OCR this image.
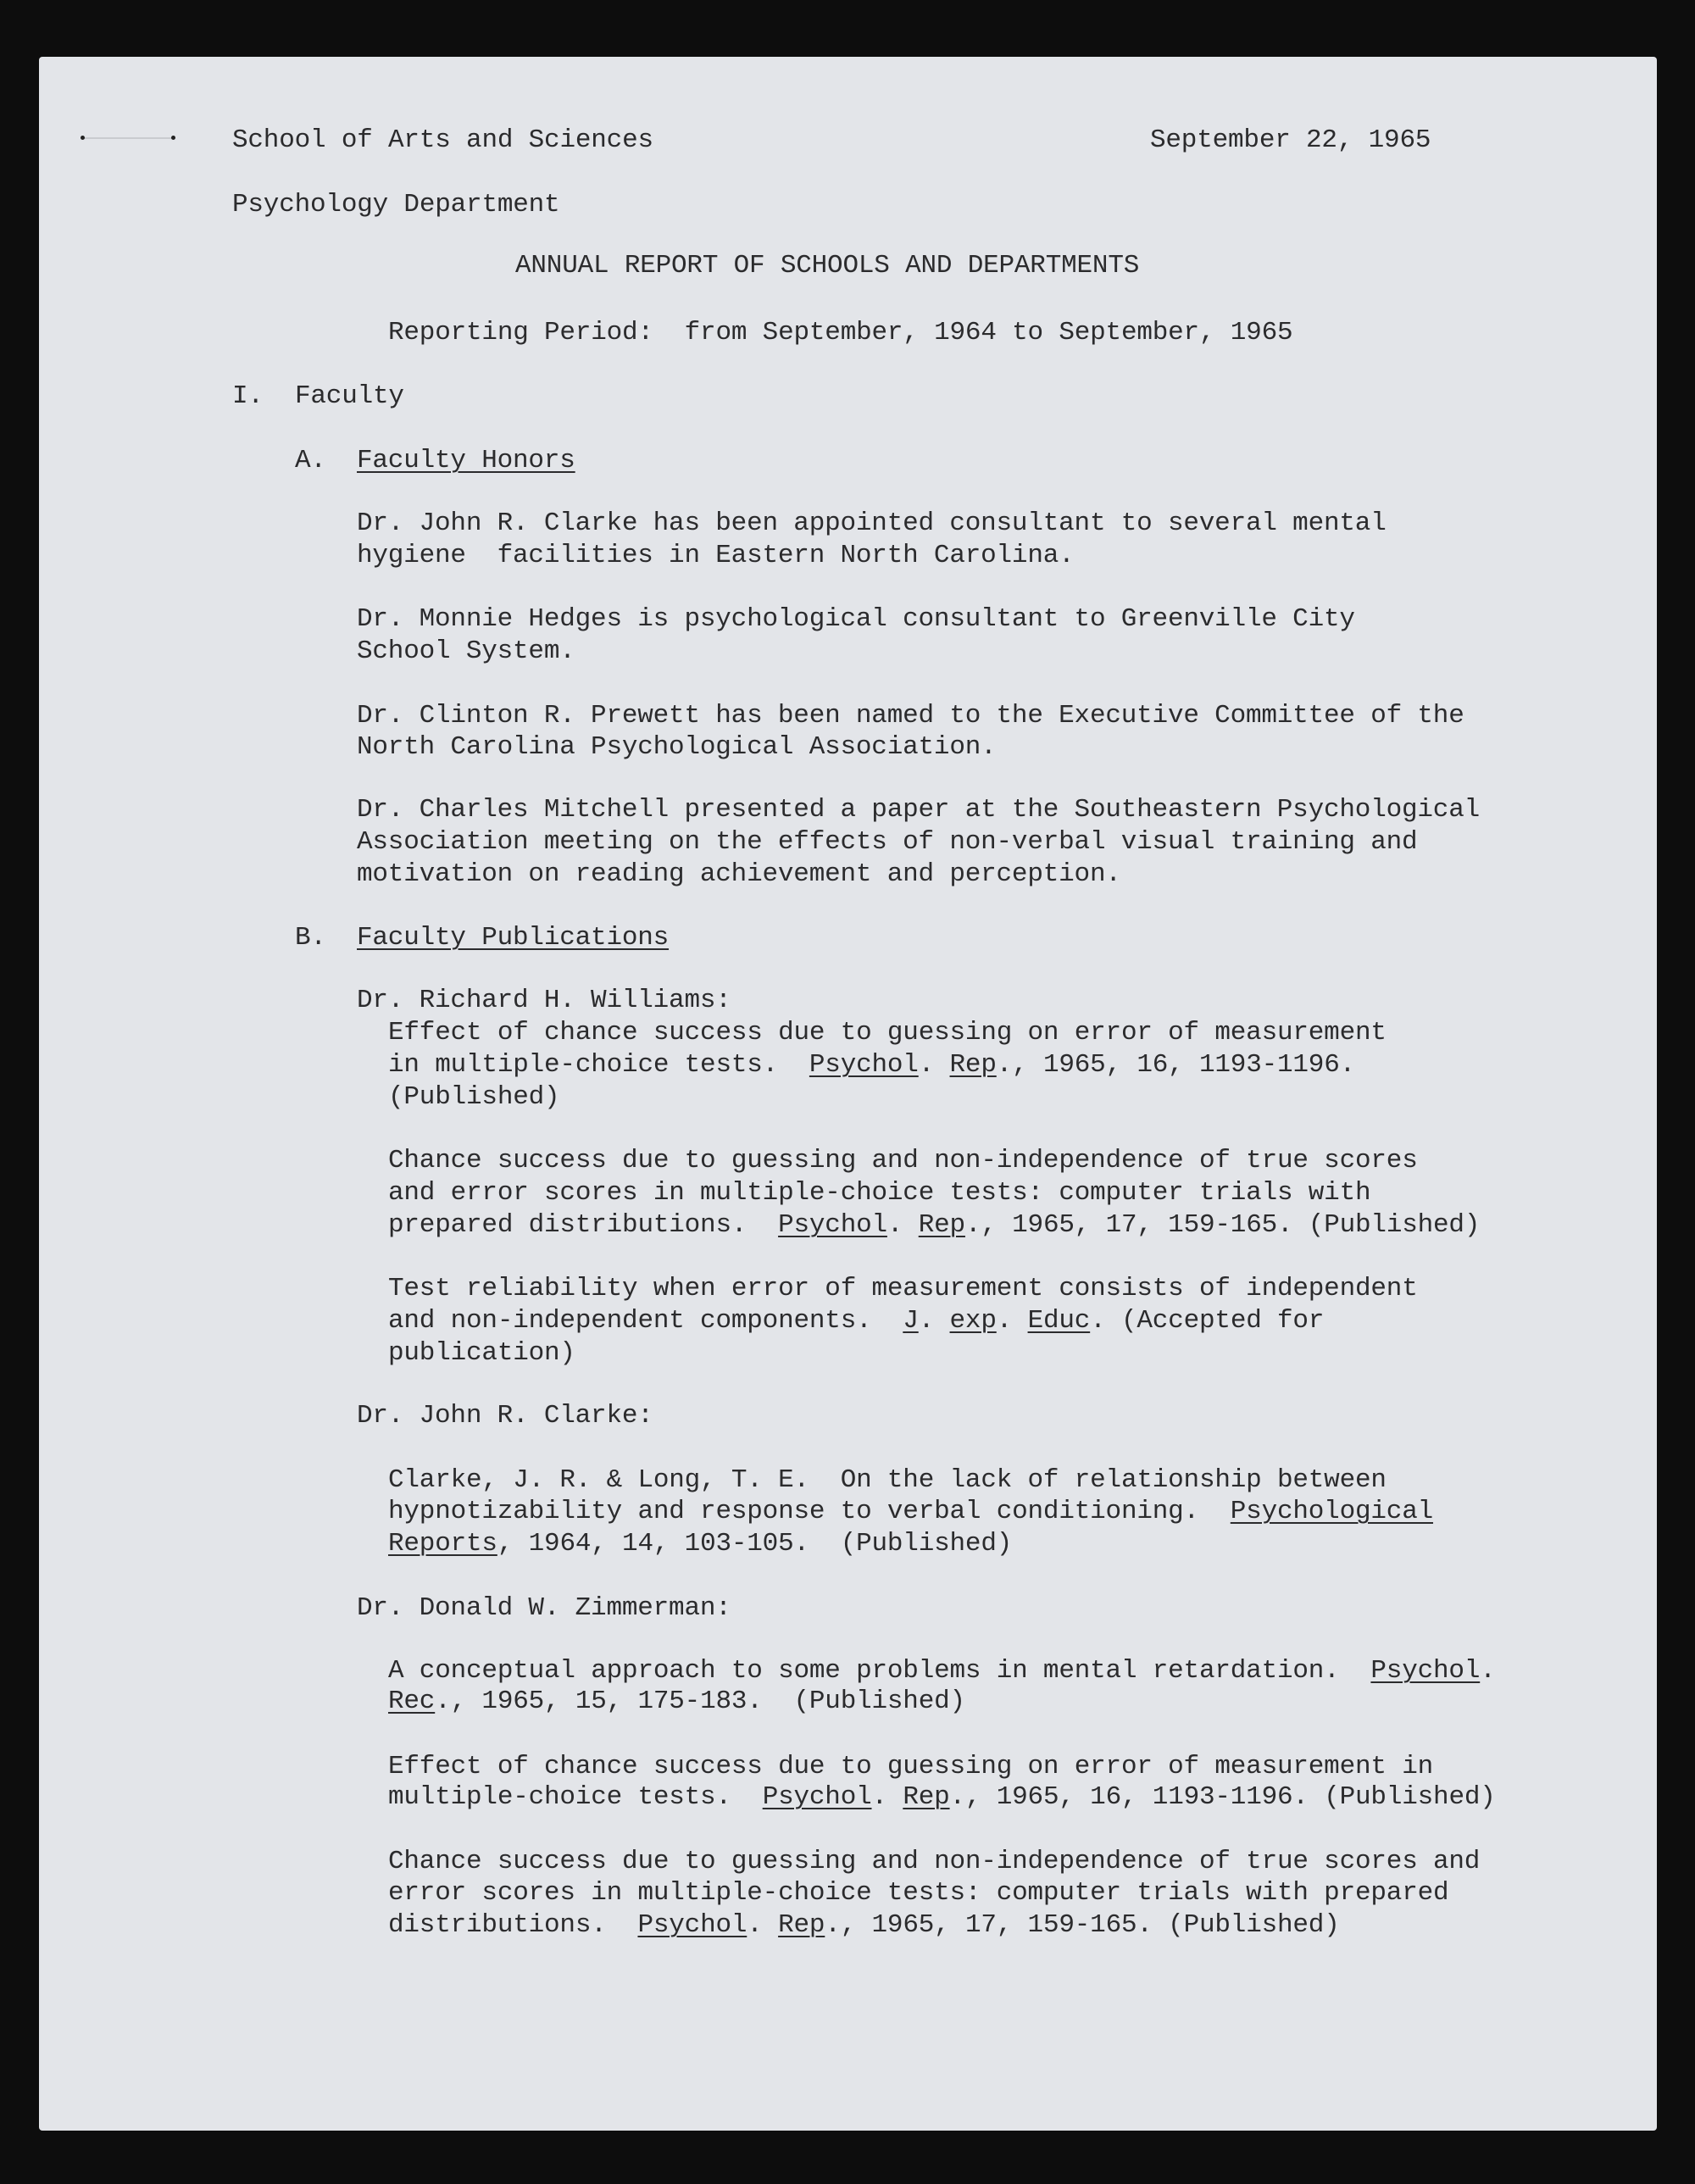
School of Arts and Sciences	September 22, 1965
Psychology Department
ANNUAL REPORT OF SCHOOLS AND DEPARTMENTS
Reporting Period:  from September, 1964 to September, 1965
I. Faculty
A. Faculty Honors
Dr. John R. Clarke has been appointed consultant to several mental
hygiene  facilities in Eastern North Carolina.
Dr. Monnie Hedges is psychological consultant to Greenville City
School System.
Dr. Clinton R. Prewett has been named to the Executive Committee of the
North Carolina Psychological Association.
Dr. Charles Mitchell presented a paper at the Southeastern Psychological
Association meeting on the effects of non-verbal visual training and
motivation on reading achievement and perception.
B. Faculty Publications
Dr. Richard H. Williams:
Effect of chance success due to guessing on error of measurement
in multiple-choice tests.  Psychol. Rep., 1965, 16, 1193-1196.
(Published)
Chance success due to guessing and non-independence of true scores
and error scores in multiple-choice tests: computer trials with
prepared distributions.  Psychol. Rep., 1965, 17, 159-165. (Published)
Test reliability when error of measurement consists of independent
and non-independent components.  J. exp. Educ. (Accepted for
publication)
Dr. John R. Clarke:
Clarke, J. R. & Long, T. E.  On the lack of relationship between
hypnotizability and response to verbal conditioning.  Psychological
Reports, 1964, 14, 103-105.  (Published)
Dr. Donald W. Zimmerman:
A conceptual approach to some problems in mental retardation.  Psychol.
Rec., 1965, 15, 175-183.  (Published)
Effect of chance success due to guessing on error of measurement in
multiple-choice tests.  Psychol. Rep., 1965, 16, 1193-1196. (Published)
Chance success due to guessing and non-independence of true scores and
error scores in multiple-choice tests: computer trials with prepared
distributions.  Psychol. Rep., 1965, 17, 159-165. (Published)
